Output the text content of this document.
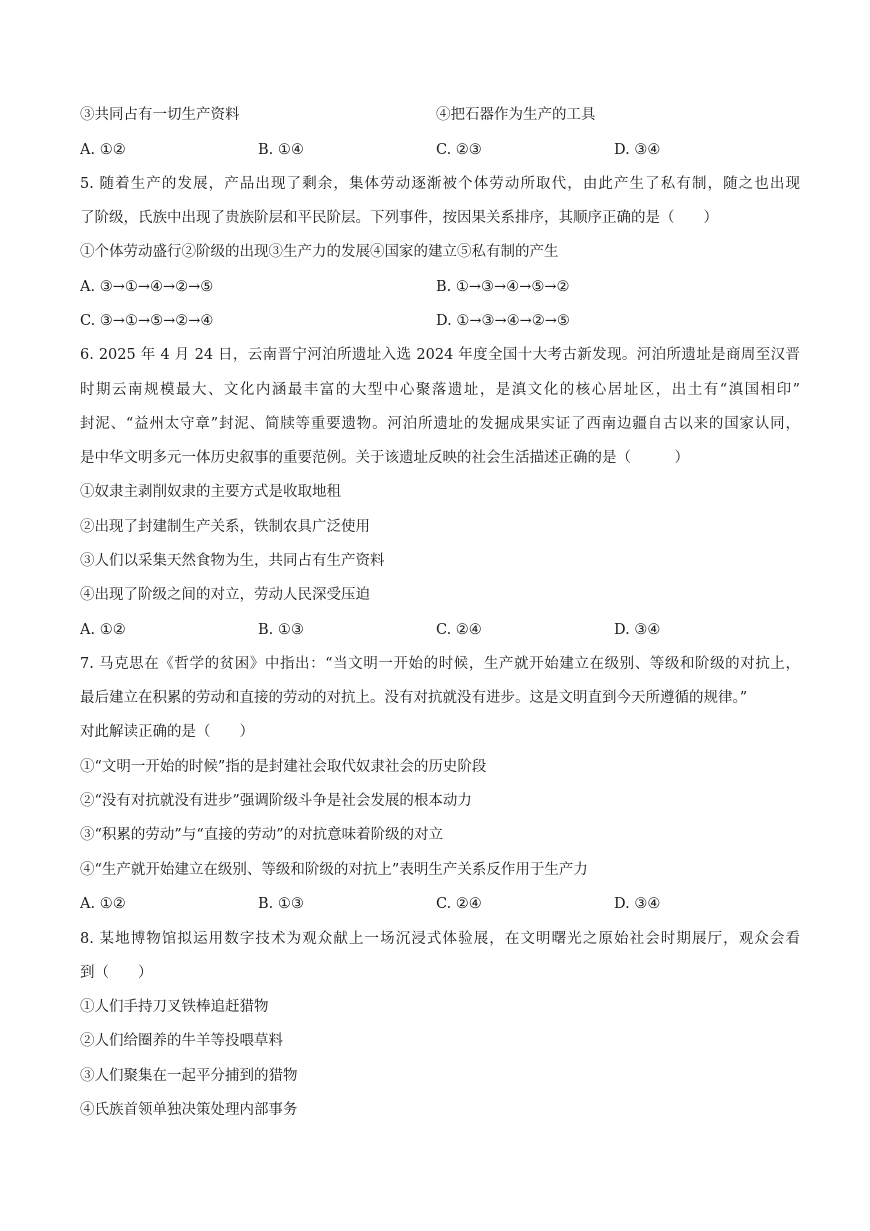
③共同占有一切生产资料	④把石器作为生产的工具
A. ①②	B. ①④	C. ②③	D. ③④
5. 随着生产的发展，产品出现了剩余，集体劳动逐渐被个体劳动所取代，由此产生了私有制，随之也出现
了阶级，氏族中出现了贵族阶层和平民阶层。下列事件，按因果关系排序，其顺序正确的是（　　）
①个体劳动盛行②阶级的出现③生产力的发展④国家的建立⑤私有制的产生
A. ③→①→④→②→⑤	B. ①→③→④→⑤→②
C. ③→①→⑤→②→④	D. ①→③→④→②→⑤
6. 2025 年 4 月 24 日，云南晋宁河泊所遗址入选 2024 年度全国十大考古新发现。河泊所遗址是商周至汉晋
时期云南规模最大、文化内涵最丰富的大型中心聚落遗址，是滇文化的核心居址区，出土有“滇国相印”
封泥、“益州太守章”封泥、简牍等重要遗物。河泊所遗址的发掘成果实证了西南边疆自古以来的国家认同，
是中华文明多元一体历史叙事的重要范例。关于该遗址反映的社会生活描述正确的是（　　　）
①奴隶主剥削奴隶的主要方式是收取地租
②出现了封建制生产关系，铁制农具广泛使用
③人们以采集天然食物为生，共同占有生产资料
④出现了阶级之间的对立，劳动人民深受压迫
A. ①②	B. ①③	C. ②④	D. ③④
7. 马克思在《哲学的贫困》中指出：“当文明一开始的时候，生产就开始建立在级别、等级和阶级的对抗上，
最后建立在积累的劳动和直接的劳动的对抗上。没有对抗就没有进步。这是文明直到今天所遵循的规律。”
对此解读正确的是（　　）
①“文明一开始的时候”指的是封建社会取代奴隶社会的历史阶段
②“没有对抗就没有进步”强调阶级斗争是社会发展的根本动力
③“积累的劳动”与“直接的劳动”的对抗意味着阶级的对立
④“生产就开始建立在级别、等级和阶级的对抗上”表明生产关系反作用于生产力
A. ①②	B. ①③	C. ②④	D. ③④
8. 某地博物馆拟运用数字技术为观众献上一场沉浸式体验展，在文明曙光之原始社会时期展厅，观众会看
到（　　）
①人们手持刀叉铁棒追赶猎物
②人们给圈养的牛羊等投喂草料
③人们聚集在一起平分捕到的猎物
④氏族首领单独决策处理内部事务
